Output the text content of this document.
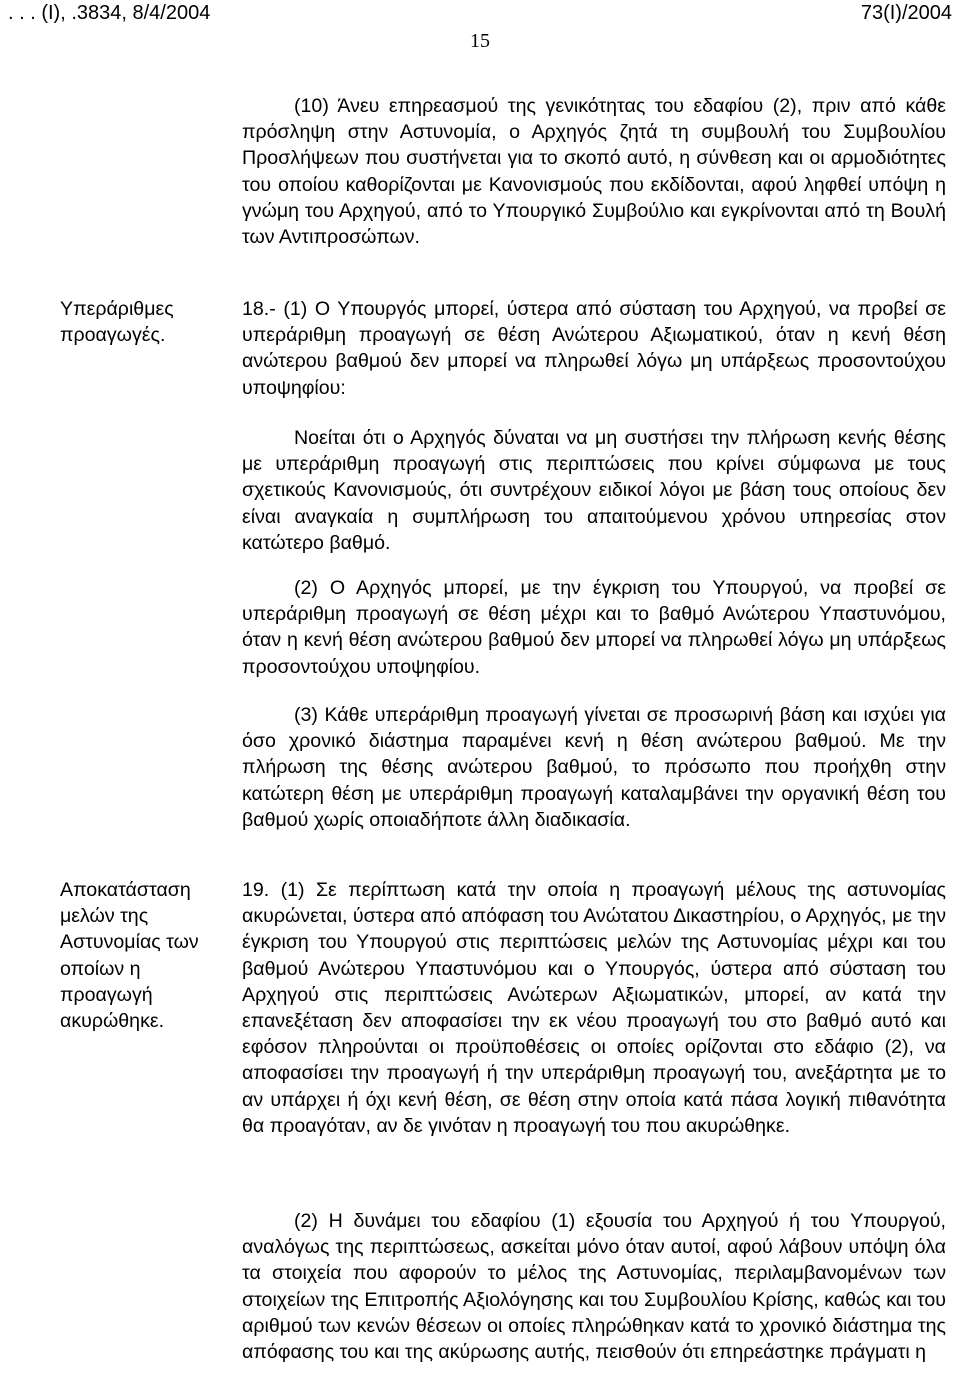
. . . (Ι), .3834, 8/4/2004	73(Ι)/2004
15
(10) Άνευ επηρεασμού της γενικότητας του εδαφίου (2), πριν από κάθε πρόσληψη στην Αστυνομία, ο Αρχηγός ζητά τη συμβουλή του Συμβουλίου Προσλήψεων που συστήνεται για το σκοπό αυτό, η σύνθεση και οι αρμοδιότητες του οποίου καθορίζονται με Κανονισμούς που εκδίδονται, αφού ληφθεί υπόψη η γνώμη του Αρχηγού, από το Υπουργικό Συμβούλιο και εγκρίνονται από τη Βουλή των Αντιπροσώπων.
Υπεράριθμες προαγωγές.
18.- (1) Ο Υπουργός μπορεί, ύστερα από σύσταση του Αρχηγού, να προβεί σε υπεράριθμη προαγωγή σε θέση Ανώτερου Αξιωματικού, όταν η κενή θέση ανώτερου βαθμού δεν μπορεί να πληρωθεί λόγω μη υπάρξεως προσοντούχου υποψηφίου:
Νοείται ότι ο Αρχηγός δύναται να μη συστήσει την πλήρωση κενής θέσης με υπεράριθμη προαγωγή στις περιπτώσεις που κρίνει σύμφωνα με τους σχετικούς Κανονισμούς, ότι συντρέχουν ειδικοί λόγοι με βάση τους οποίους δεν είναι αναγκαία η συμπλήρωση του απαιτούμενου χρόνου υπηρεσίας στον κατώτερο βαθμό.
(2) Ο Αρχηγός μπορεί, με την έγκριση του Υπουργού, να προβεί σε υπεράριθμη προαγωγή σε θέση μέχρι και το βαθμό Ανώτερου Υπαστυνόμου, όταν η κενή θέση ανώτερου βαθμού δεν μπορεί να πληρωθεί λόγω μη υπάρξεως προσοντούχου υποψηφίου.
(3) Κάθε υπεράριθμη προαγωγή γίνεται σε προσωρινή βάση και ισχύει για όσο χρονικό διάστημα παραμένει κενή η θέση ανώτερου βαθμού. Με την πλήρωση της θέσης ανώτερου βαθμού, το πρόσωπο που προήχθη στην κατώτερη θέση με υπεράριθμη προαγωγή καταλαμβάνει την οργανική θέση του βαθμού χωρίς οποιαδήποτε άλλη διαδικασία.
Αποκατάσταση μελών της Αστυνομίας των οποίων η προαγωγή ακυρώθηκε.
19. (1) Σε περίπτωση κατά την οποία η προαγωγή μέλους της αστυνομίας ακυρώνεται, ύστερα από απόφαση του Ανώτατου Δικαστηρίου, ο Αρχηγός, με την έγκριση του Υπουργού στις περιπτώσεις μελών της Αστυνομίας μέχρι και του βαθμού Ανώτερου Υπαστυνόμου και ο Υπουργός, ύστερα από σύσταση του Αρχηγού στις περιπτώσεις Ανώτερων Αξιωματικών, μπορεί, αν κατά την επανεξέταση δεν αποφασίσει την εκ νέου προαγωγή του στο βαθμό αυτό και εφόσον πληρούνται οι προϋποθέσεις οι οποίες ορίζονται στο εδάφιο (2), να αποφασίσει την προαγωγή ή την υπεράριθμη προαγωγή του, ανεξάρτητα με το αν υπάρχει ή όχι κενή θέση, σε θέση στην οποία κατά πάσα λογική πιθανότητα θα προαγόταν, αν δε γινόταν η προαγωγή του που ακυρώθηκε.
(2) Η δυνάμει του εδαφίου (1) εξουσία του Αρχηγού ή του Υπουργού, αναλόγως της περιπτώσεως, ασκείται μόνο όταν αυτοί, αφού λάβουν υπόψη όλα τα στοιχεία που αφορούν το μέλος της Αστυνομίας, περιλαμβανομένων των στοιχείων της Επιτροπής Αξιολόγησης και του Συμβουλίου Κρίσης, καθώς και του αριθμού των κενών θέσεων οι οποίες πληρώθηκαν κατά το χρονικό διάστημα της απόφασης του και της ακύρωσης αυτής, πεισθούν ότι επηρεάστηκε πράγματι η
